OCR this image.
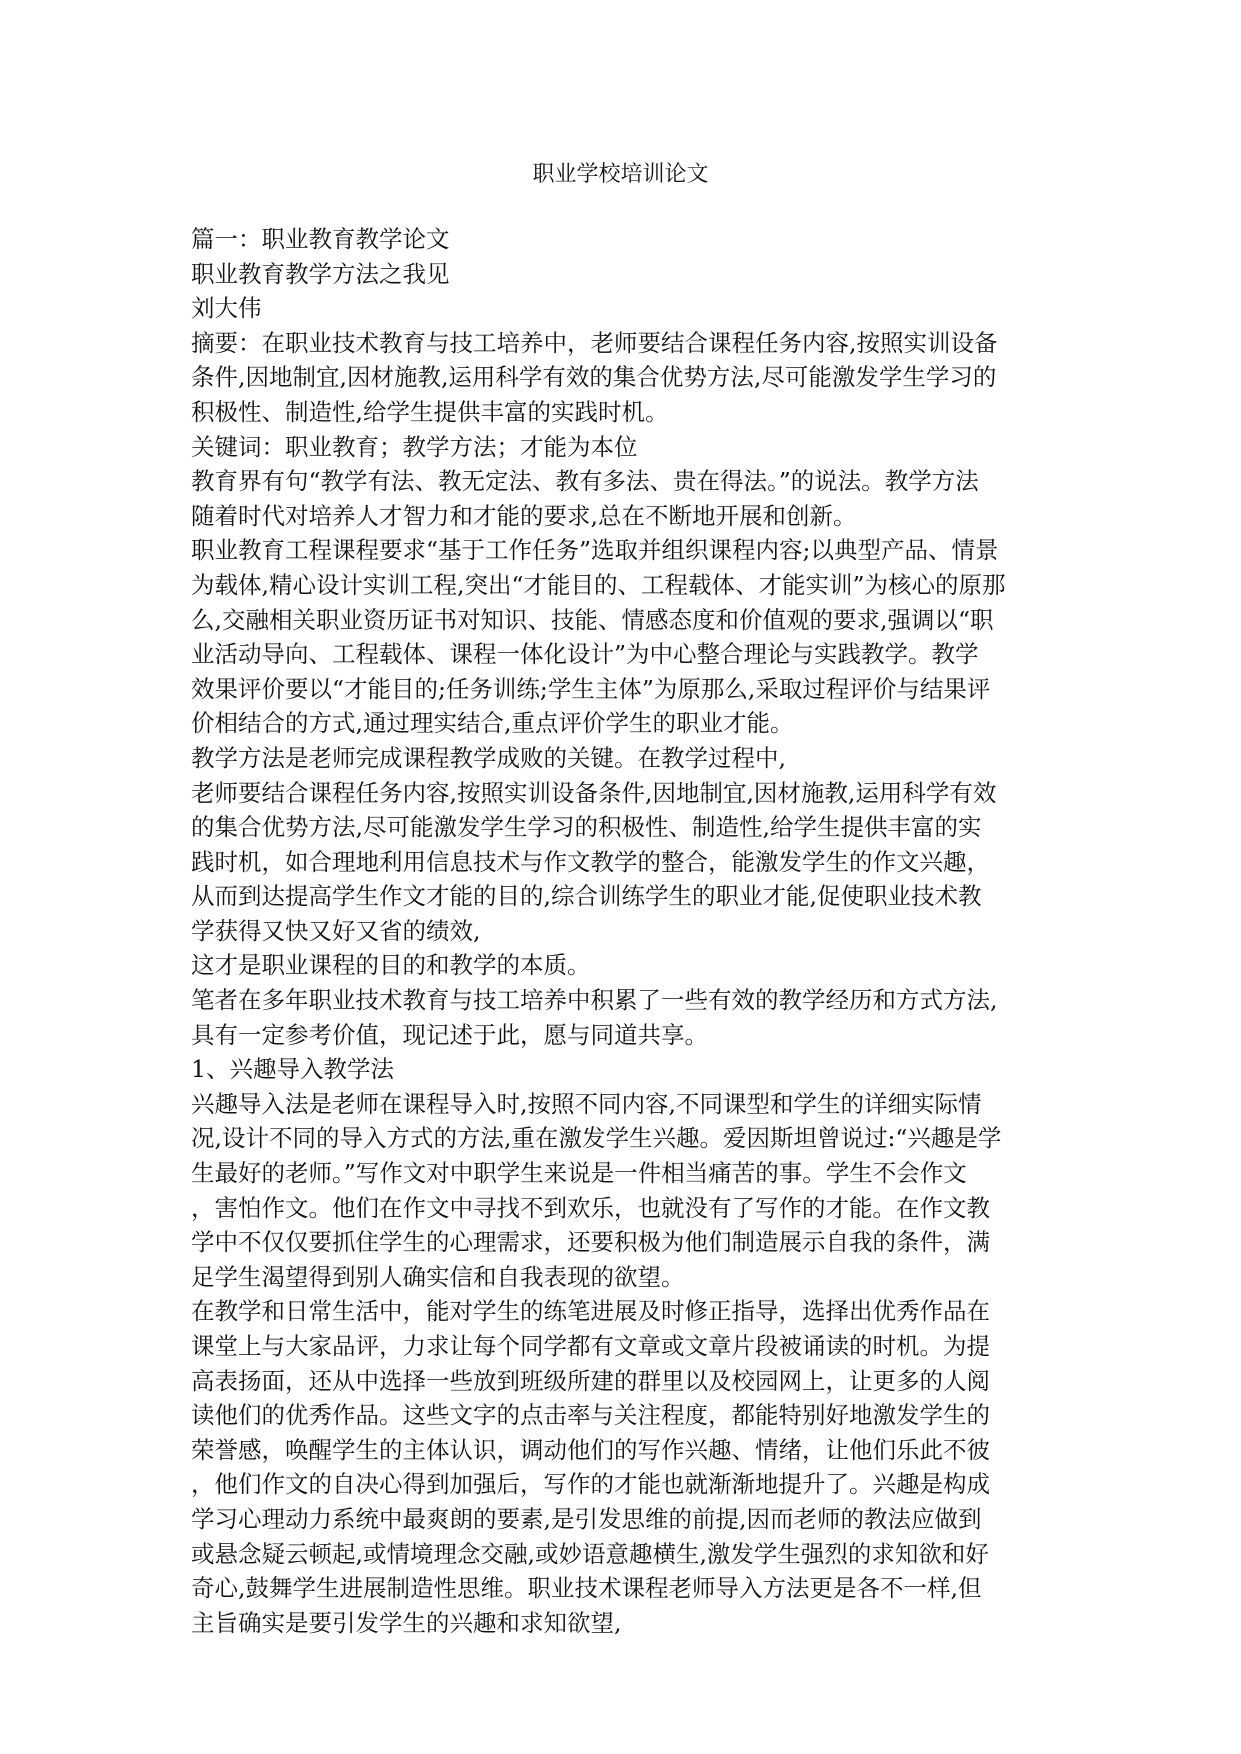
职业学校培训论文
篇一：职业教育教学论文
职业教育教学方法之我见
刘大伟
摘要：在职业技术教育与技工培养中，老师要结合课程任务内容,按照实训设备
条件,因地制宜,因材施教,运用科学有效的集合优势方法,尽可能激发学生学习的
积极性、制造性,给学生提供丰富的实践时机。
关键词：职业教育；教学方法；才能为本位
教育界有句“教学有法、教无定法、教有多法、贵在得法。”的说法。教学方法
随着时代对培养人才智力和才能的要求,总在不断地开展和创新。
职业教育工程课程要求“基于工作任务”选取并组织课程内容;以典型产品、情景
为载体,精心设计实训工程,突出“才能目的、工程载体、才能实训”为核心的原那
么,交融相关职业资历证书对知识、技能、情感态度和价值观的要求,强调以“职
业活动导向、工程载体、课程一体化设计”为中心整合理论与实践教学。教学
效果评价要以“才能目的;任务训练;学生主体”为原那么,采取过程评价与结果评
价相结合的方式,通过理实结合,重点评价学生的职业才能。
教学方法是老师完成课程教学成败的关键。在教学过程中,
老师要结合课程任务内容,按照实训设备条件,因地制宜,因材施教,运用科学有效
的集合优势方法,尽可能激发学生学习的积极性、制造性,给学生提供丰富的实
践时机，如合理地利用信息技术与作文教学的整合，能激发学生的作文兴趣，
从而到达提高学生作文才能的目的,综合训练学生的职业才能,促使职业技术教
学获得又快又好又省的绩效,
这才是职业课程的目的和教学的本质。
笔者在多年职业技术教育与技工培养中积累了一些有效的教学经历和方式方法,
具有一定参考价值，现记述于此，愿与同道共享。
1、兴趣导入教学法
兴趣导入法是老师在课程导入时,按照不同内容,不同课型和学生的详细实际情
况,设计不同的导入方式的方法,重在激发学生兴趣。爱因斯坦曾说过:“兴趣是学
生最好的老师。”写作文对中职学生来说是一件相当痛苦的事。学生不会作文
，害怕作文。他们在作文中寻找不到欢乐，也就没有了写作的才能。在作文教
学中不仅仅要抓住学生的心理需求，还要积极为他们制造展示自我的条件，满
足学生渴望得到别人确实信和自我表现的欲望。
在教学和日常生活中，能对学生的练笔进展及时修正指导，选择出优秀作品在
课堂上与大家品评，力求让每个同学都有文章或文章片段被诵读的时机。为提
高表扬面，还从中选择一些放到班级所建的群里以及校园网上，让更多的人阅
读他们的优秀作品。这些文字的点击率与关注程度，都能特别好地激发学生的
荣誉感，唤醒学生的主体认识，调动他们的写作兴趣、情绪，让他们乐此不彼
，他们作文的自决心得到加强后，写作的才能也就渐渐地提升了。兴趣是构成
学习心理动力系统中最爽朗的要素,是引发思维的前提,因而老师的教法应做到
或悬念疑云顿起,或情境理念交融,或妙语意趣横生,激发学生强烈的求知欲和好
奇心,鼓舞学生进展制造性思维。职业技术课程老师导入方法更是各不一样,但
主旨确实是要引发学生的兴趣和求知欲望,
